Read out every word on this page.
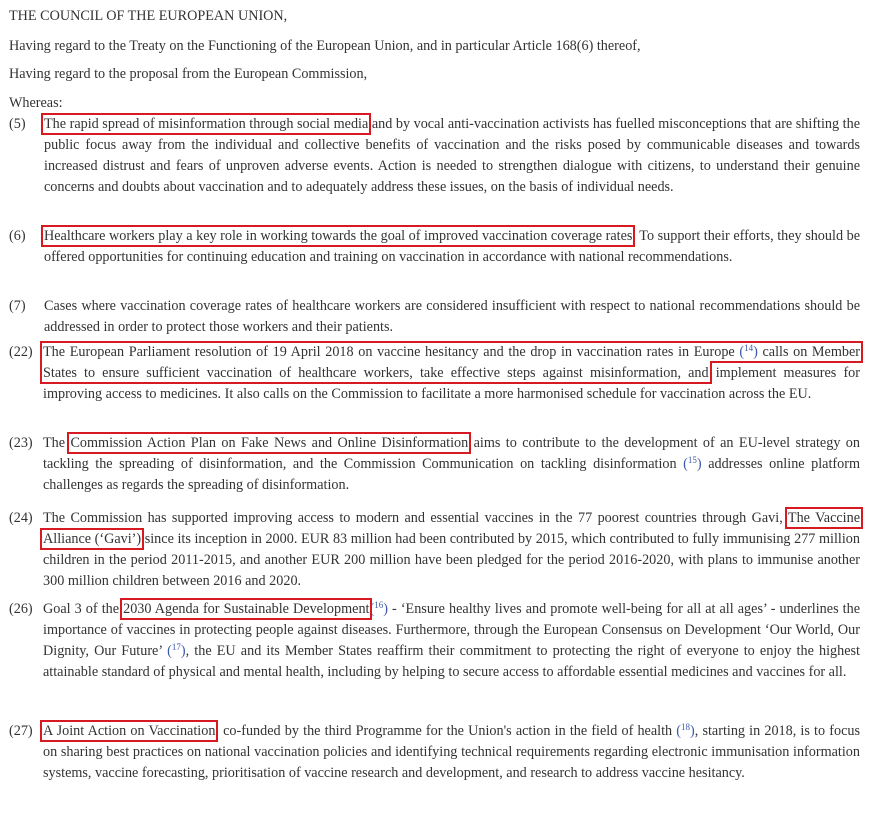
THE COUNCIL OF THE EUROPEAN UNION,
Having regard to the Treaty on the Functioning of the European Union, and in particular Article 168(6) thereof,
Having regard to the proposal from the European Commission,
Whereas:
(5) The rapid spread of misinformation through social media and by vocal anti-vaccination activists has fuelled misconceptions that are shifting the public focus away from the individual and collective benefits of vaccination and the risks posed by communicable diseases and towards increased distrust and fears of unproven adverse events. Action is needed to strengthen dialogue with citizens, to understand their genuine concerns and doubts about vaccination and to adequately address these issues, on the basis of individual needs.
(6) Healthcare workers play a key role in working towards the goal of improved vaccination coverage rates. To support their efforts, they should be offered opportunities for continuing education and training on vaccination in accordance with national recommendations.
(7) Cases where vaccination coverage rates of healthcare workers are considered insufficient with respect to national recommendations should be addressed in order to protect those workers and their patients.
(22) The European Parliament resolution of 19 April 2018 on vaccine hesitancy and the drop in vaccination rates in Europe ($^{14}$) calls on Member States to ensure sufficient vaccination of healthcare workers, take effective steps against misinformation, and implement measures for improving access to medicines. It also calls on the Commission to facilitate a more harmonised schedule for vaccination across the EU.
(23) The Commission Action Plan on Fake News and Online Disinformation aims to contribute to the development of an EU-level strategy on tackling the spreading of disinformation, and the Commission Communication on tackling disinformation ($^{15}$) addresses online platform challenges as regards the spreading of disinformation.
(24) The Commission has supported improving access to modern and essential vaccines in the 77 poorest countries through Gavi, The Vaccine Alliance (‘Gavi’) since its inception in 2000. EUR 83 million had been contributed by 2015, which contributed to fully immunising 277 million children in the period 2011-2015, and another EUR 200 million have been pledged for the period 2016-2020, with plans to immunise another 300 million children between 2016 and 2020.
(26) Goal 3 of the 2030 Agenda for Sustainable Development($^{16}$) - ‘Ensure healthy lives and promote well-being for all at all ages’ - underlines the importance of vaccines in protecting people against diseases. Furthermore, through the European Consensus on Development ‘Our World, Our Dignity, Our Future’ ($^{17}$), the EU and its Member States reaffirm their commitment to protecting the right of everyone to enjoy the highest attainable standard of physical and mental health, including by helping to secure access to affordable essential medicines and vaccines for all.
(27) A Joint Action on Vaccination, co-funded by the third Programme for the Union's action in the field of health ($^{18}$), starting in 2018, is to focus on sharing best practices on national vaccination policies and identifying technical requirements regarding electronic immunisation information systems, vaccine forecasting, prioritisation of vaccine research and development, and research to address vaccine hesitancy.
